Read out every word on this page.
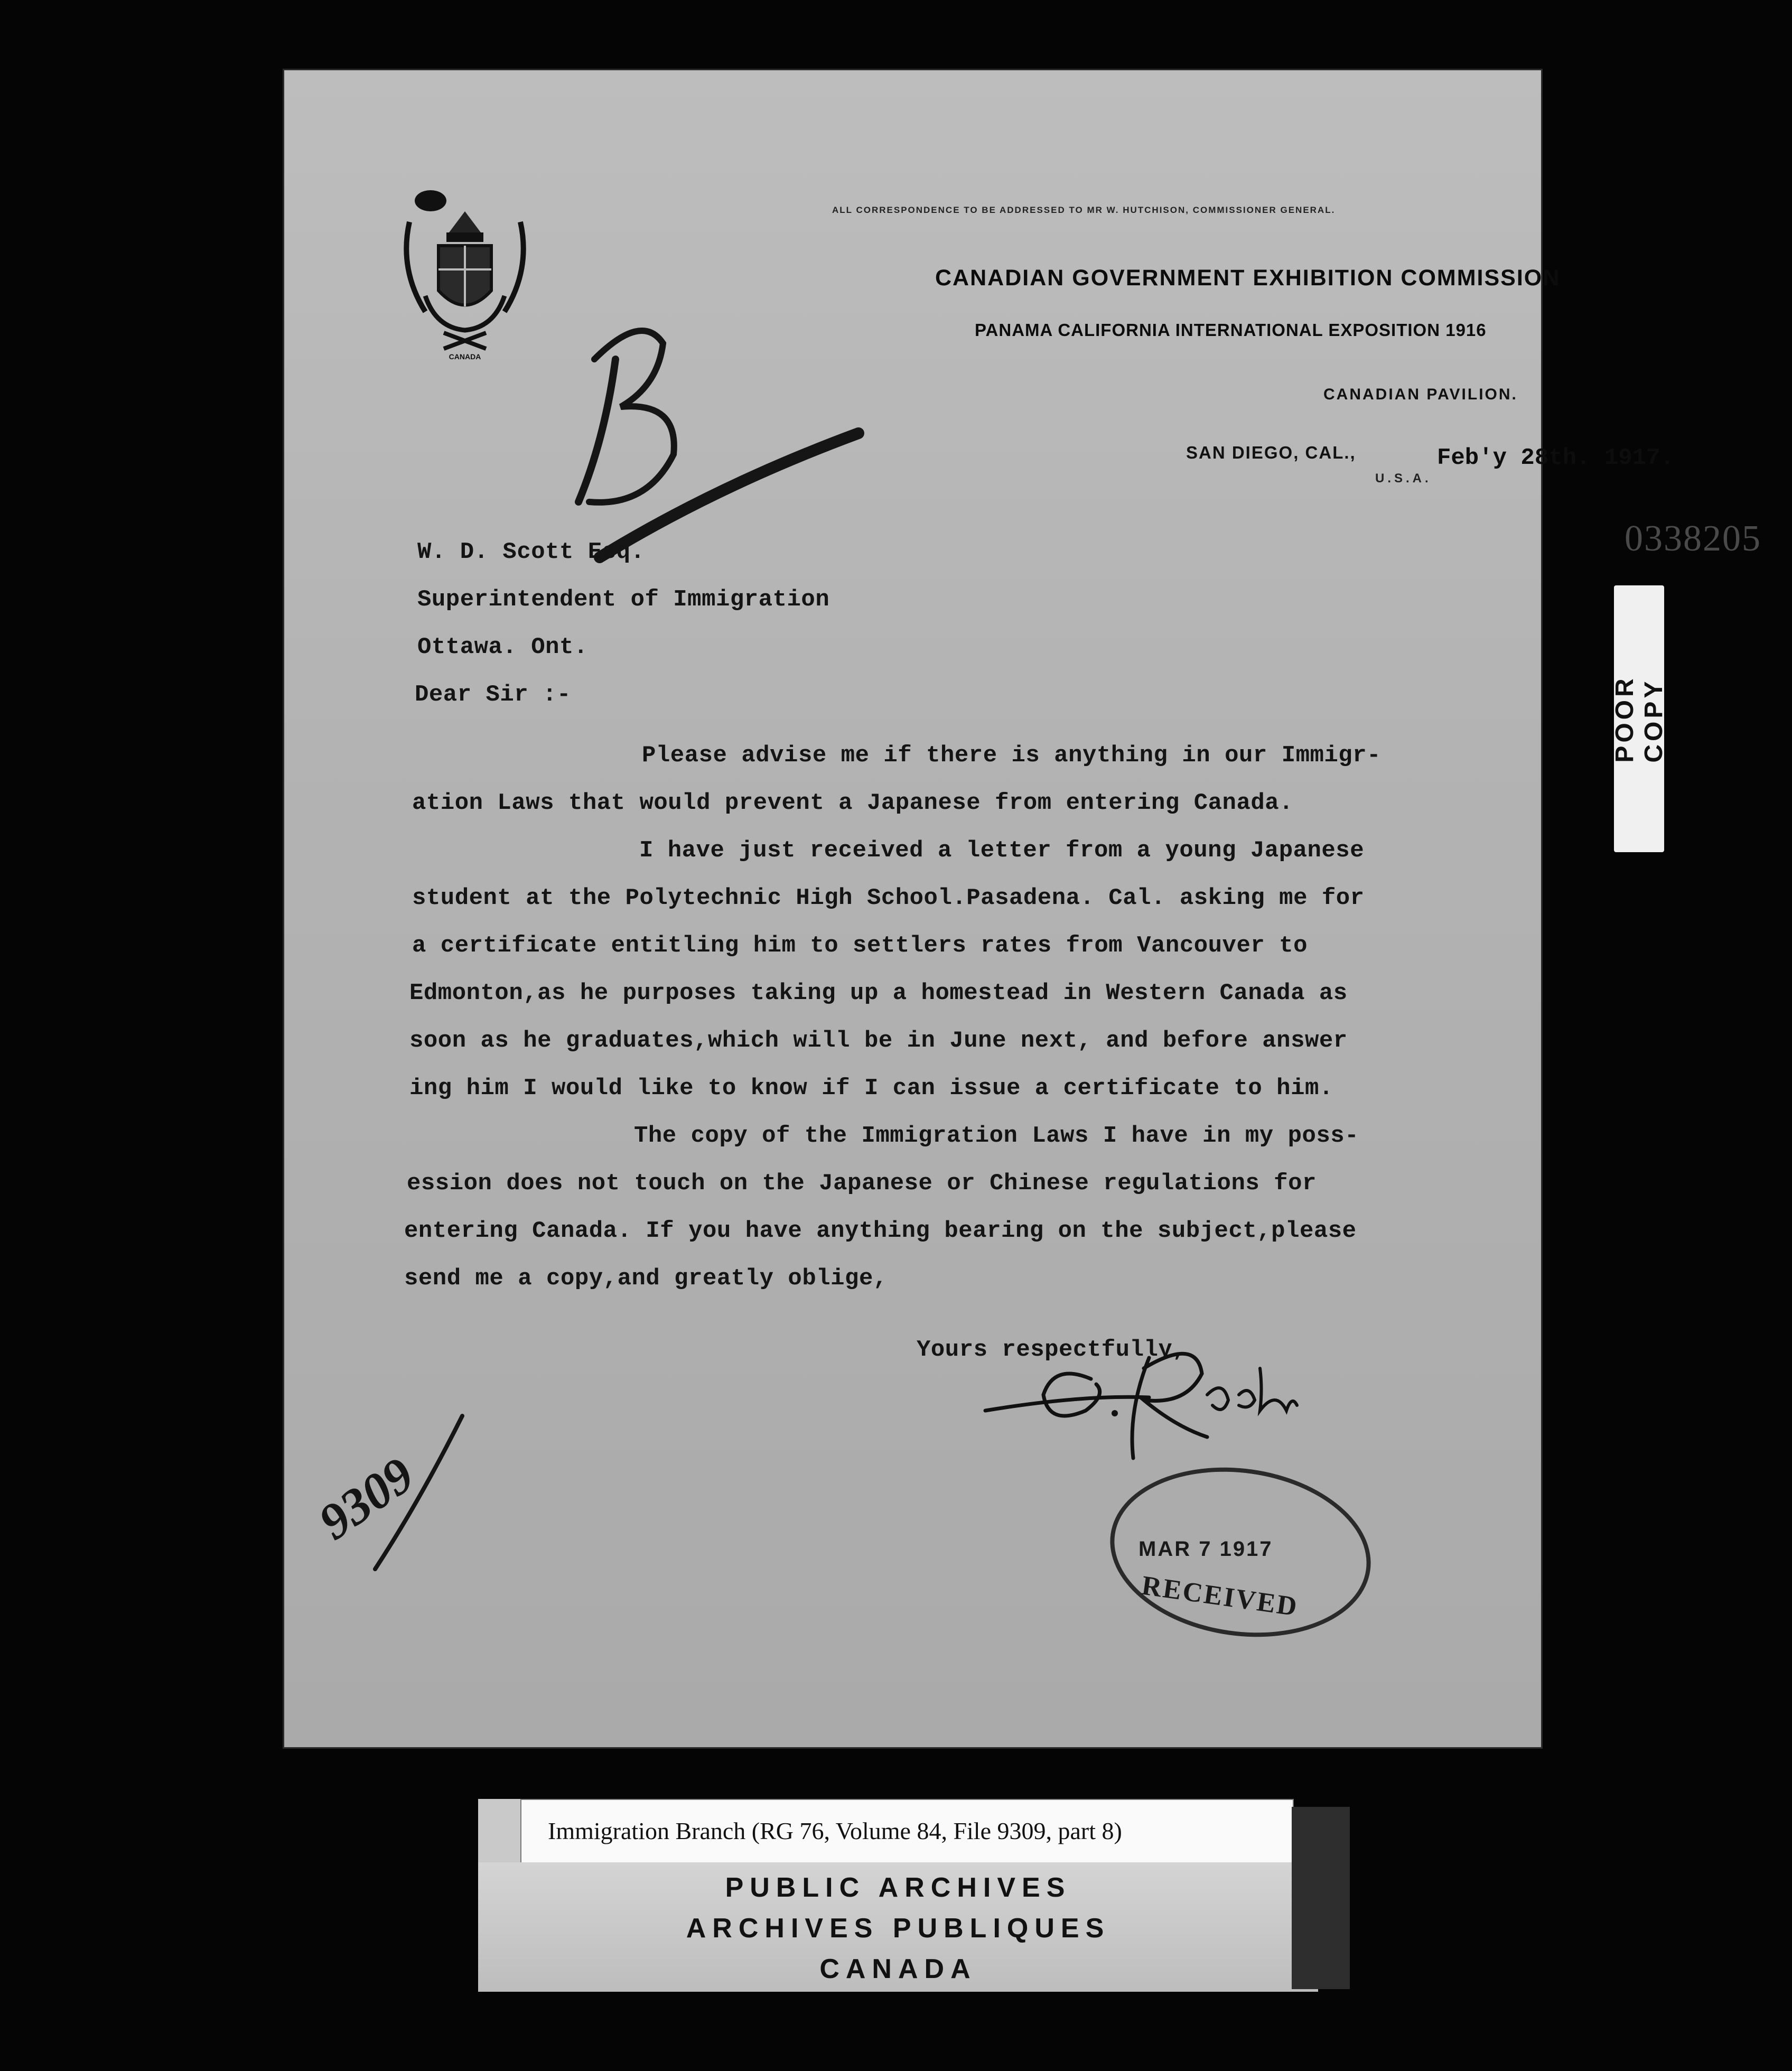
ALL CORRESPONDENCE TO BE ADDRESSED TO MR W. HUTCHISON, COMMISSIONER GENERAL.
CANADA
CANADIAN GOVERNMENT EXHIBITION COMMISSION
PANAMA CALIFORNIA INTERNATIONAL EXPOSITION 1916
CANADIAN PAVILION.
SAN DIEGO, CAL.,
U.S.A.
Feb'y 28th. 1917.
0338205
W. D. Scott Esq.
Superintendent of Immigration
Ottawa. Ont.
Dear Sir :-
Please advise me if there is anything in our Immigr-
ation Laws that would prevent a Japanese from entering Canada.
I have just received a letter from a young Japanese
student at the Polytechnic High School.Pasadena. Cal. asking me for
a certificate entitling him to settlers rates from Vancouver to
Edmonton,as he purposes taking up a homestead in Western Canada as
soon as he graduates,which will be in June next, and before answer
ing him I would like to know if I can issue a certificate to him.
The copy of the Immigration Laws I have in my poss-
ession does not touch on the Japanese or Chinese regulations for
entering Canada. If you have anything bearing on the subject,please
send me a copy,and greatly oblige,
Yours respectfully,
9309	MAR 7 1917
RECEIVED
POOR COPY
Immigration Branch (RG 76, Volume 84, File 9309, part 8)
PUBLIC ARCHIVES
ARCHIVES PUBLIQUES
CANADA
